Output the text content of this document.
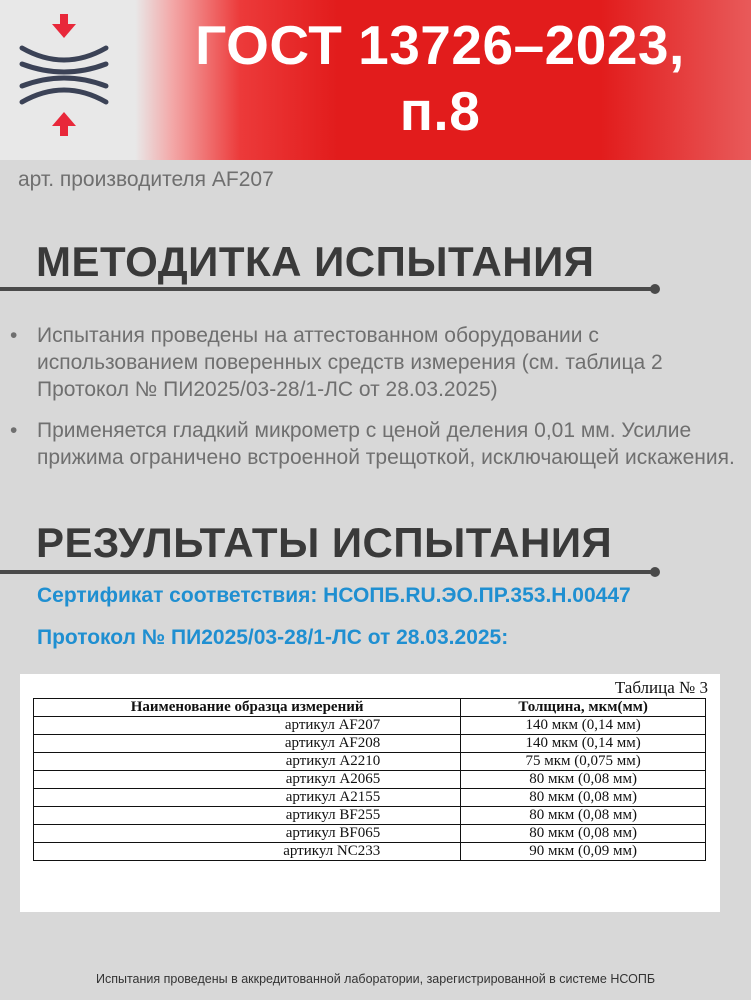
ГОСТ 13726–2023,
п.8
арт. производителя AF207
МЕТОДИТКА ИСПЫТАНИЯ
• Испытания проведены на аттестованном оборудовании с использованием поверенных средств измерения (см. таблица 2 Протокол № ПИ2025/03-28/1-ЛС от 28.03.2025)
• Применяется гладкий микрометр с ценой деления 0,01 мм. Усилие прижима ограничено встроенной трещоткой, исключающей искажения.
РЕЗУЛЬТАТЫ ИСПЫТАНИЯ
Сертификат соответствия: НСОПБ.RU.ЭО.ПР.353.Н.00447
Протокол № ПИ2025/03-28/1-ЛС от 28.03.2025:
Таблица № 3
Наименование образца измерений	Толщина, мкм(мм)
артикул AF207	140 мкм (0,14 мм)
артикул AF208	140 мкм (0,14 мм)
артикул A2210	75 мкм (0,075 мм)
артикул A2065	80 мкм (0,08 мм)
артикул A2155	80 мкм (0,08 мм)
артикул BF255	80 мкм (0,08 мм)
артикул BF065	80 мкм (0,08 мм)
артикул NC233	90 мкм (0,09 мм)
Испытания проведены в аккредитованной лаборатории, зарегистрированной в системе НСОПБ
